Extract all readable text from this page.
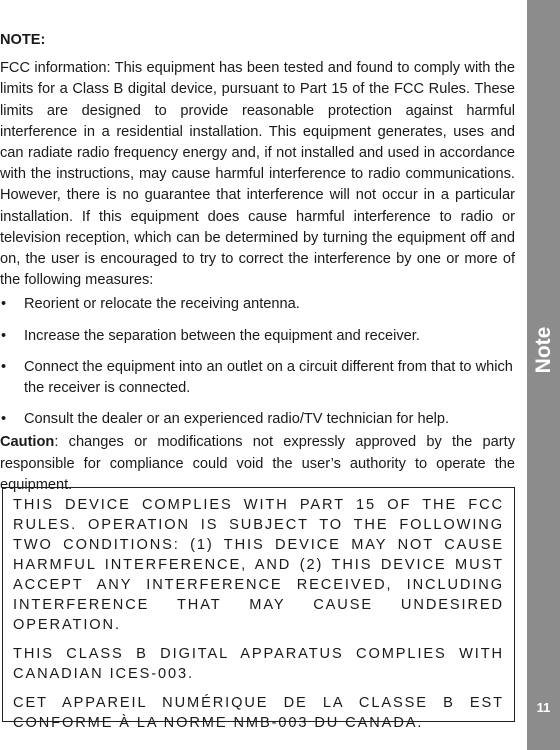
NOTE:

FCC information: This equipment has been tested and found to comply with the limits for a Class B digital device, pursuant to Part 15 of the FCC Rules. These limits are designed to provide reasonable protection against harmful interference in a residential installation. This equipment generates, uses and can radiate radio frequency energy and, if not installed and used in accordance with the instructions, may cause harmful interference to radio communications. However, there is no guarantee that interference will not occur in a particular installation. If this equipment does cause harmful interference to radio or television reception, which can be determined by turning the equipment off and on, the user is encouraged to try to correct the interference by one or more of the following measures:

• Reorient or relocate the receiving antenna.
• Increase the separation between the equipment and receiver.
• Connect the equipment into an outlet on a circuit different from that to which the receiver is connected.
• Consult the dealer or an experienced radio/TV technician for help.

Caution: changes or modifications not expressly approved by the party responsible for compliance could void the user’s authority to operate the equipment.

THIS DEVICE COMPLIES WITH PART 15 OF THE FCC RULES. OPERATION IS SUBJECT TO THE FOLLOWING TWO CONDITIONS: (1) THIS DEVICE MAY NOT CAUSE HARMFUL INTERFERENCE, AND (2) THIS DEVICE MUST ACCEPT ANY INTERFERENCE RECEIVED, INCLUDING INTERFERENCE THAT MAY CAUSE UNDESIRED OPERATION.

THIS CLASS B DIGITAL APPARATUS COMPLIES WITH CANADIAN ICES-003.

CET APPAREIL NUMÉRIQUE DE LA CLASSE B EST CONFORME À LA NORME NMB-003 DU CANADA.

Note
11
